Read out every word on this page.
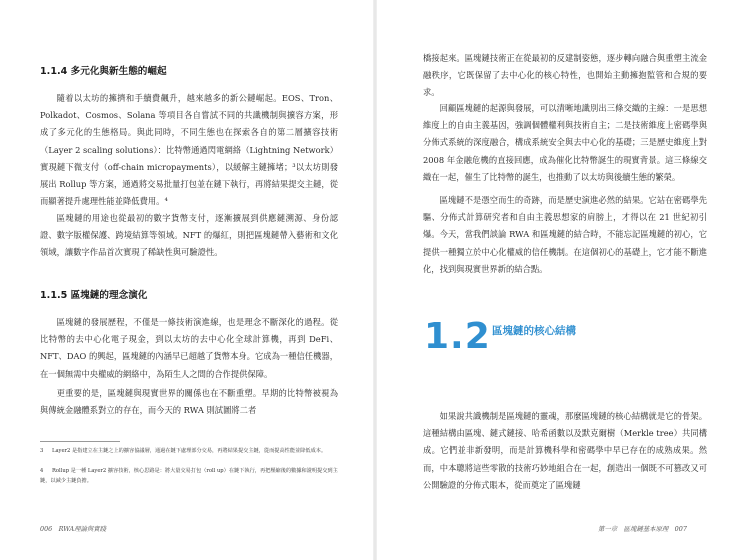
1.1.4 多元化與新生態的崛起

隨着以太坊的擁擠和手續費飆升，越來越多的新公鏈崛起。EOS、Tron、Polkadot、Cosmos、Solana 等項目各自嘗試不同的共識機制與擴容方案，形成了多元化的生態格局。與此同時，不同生態也在探索各自的第二層擴容技術（Layer 2 scaling solutions）：比特幣通過閃電網絡（Lightning Network）實現鏈下微支付（off-chain micropayments），以緩解主鏈擁堵；³以太坊則發展出 Rollup 等方案，通過將交易批量打包並在鏈下執行，再將結果提交主鏈，從而顯著提升處理性能並降低費用。⁴

區塊鏈的用途也從最初的數字貨幣支付，逐漸擴展到供應鏈溯源、身份認證、數字版權保護、跨境結算等領域。NFT 的爆紅，則把區塊鏈帶入藝術和文化領域，讓數字作品首次實現了稀缺性與可驗證性。

1.1.5 區塊鏈的理念演化

區塊鏈的發展歷程，不僅是一條技術演進線，也是理念不斷深化的過程。從比特幣的去中心化電子現金，到以太坊的去中心化全球計算機，再到 DeFi、NFT、DAO 的興起，區塊鏈的內涵早已超越了貨幣本身。它成為一種信任機器，在一個無需中央權威的網絡中，為陌生人之間的合作提供保障。

更重要的是，區塊鏈與現實世界的關係也在不斷重塑。早期的比特幣被視為與傳統金融體系對立的存在，而今天的 RWA 則試圖將二者

3 Layer2 是指建立在主鏈之上的擴容協議層，通過在鏈下處理部分交易，再將結果提交主鏈，從而提高性能並降低成本。
4 Rollup 是一種 Layer2 擴容技術，核心思路是：將大量交易打包（roll up）在鏈下執行，再把壓縮後的數據和證明提交到主鏈，以減少主鏈負擔。
006　RWA理論與實踐

橋接起來。區塊鏈技術正在從最初的反建制姿態，逐步轉向融合與重塑主流金融秩序，它既保留了去中心化的核心特性，也開始主動擁抱監管和合規的要求。

回顧區塊鏈的起源與發展，可以清晰地識別出三條交織的主線：一是思想維度上的自由主義基因，強調個體權利與技術自主；二是技術維度上密碼學與分佈式系統的深度融合，構成系統安全與去中心化的基礎；三是歷史維度上對 2008 年金融危機的直接回應，成為催化比特幣誕生的現實背景。這三條線交織在一起，催生了比特幣的誕生，也推動了以太坊與後續生態的繁榮。

區塊鏈不是憑空而生的奇跡，而是歷史演進必然的結果。它站在密碼學先驅、分佈式計算研究者和自由主義思想家的肩膀上，才得以在 21 世紀初引爆。今天，當我們談論 RWA 和區塊鏈的結合時，不能忘記區塊鏈的初心，它提供一種獨立於中心化權威的信任機制。在這個初心的基礎上，它才能不斷進化，找到與現實世界新的結合點。

1.2 區塊鏈的核心結構

如果說共識機制是區塊鏈的靈魂，那麼區塊鏈的核心結構就是它的骨架。這種結構由區塊、鏈式鏈接、哈希函數以及默克爾樹（Merkle tree）共同構成。它們並非新發明，而是計算機科學和密碼學中早已存在的成熟成果。然而，中本聰將這些零散的技術巧妙地組合在一起，創造出一個既不可篡改又可公開驗證的分佈式賬本，從而奠定了區塊鏈

第一章　區塊鏈基本原理　007
